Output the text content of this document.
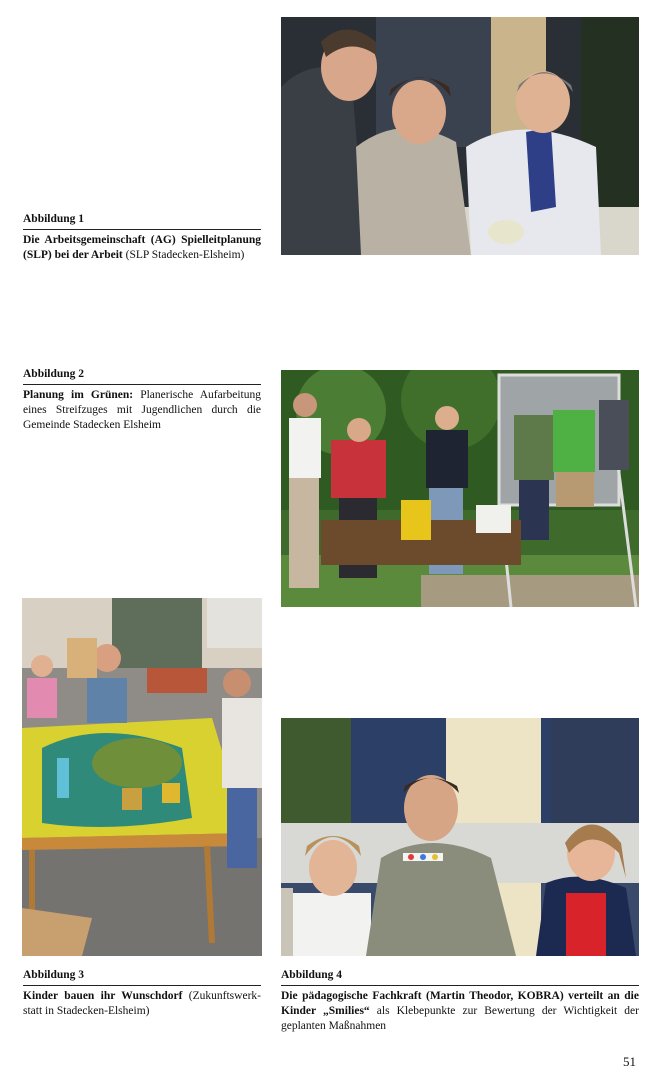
Abbildung 1
Die Arbeitsgemeinschaft (AG) Spielleitplanung (SLP) bei der Arbeit (SLP Stadecken-Elsheim)
Abbildung 2
Planung im Grünen: Planerische Aufarbeitung eines Streifzuges mit Jugendlichen durch die Gemeinde Stadecken Elsheim
Abbildung 3
Kinder bauen ihr Wunschdorf (Zukunftswerkstatt in Stadecken-Elsheim)
Abbildung 4
Die pädagogische Fachkraft (Martin Theodor, KOBRA) verteilt an die Kinder „Smilies“ als Klebepunkte zur Bewertung der Wichtigkeit der geplanten Maßnahmen
51
